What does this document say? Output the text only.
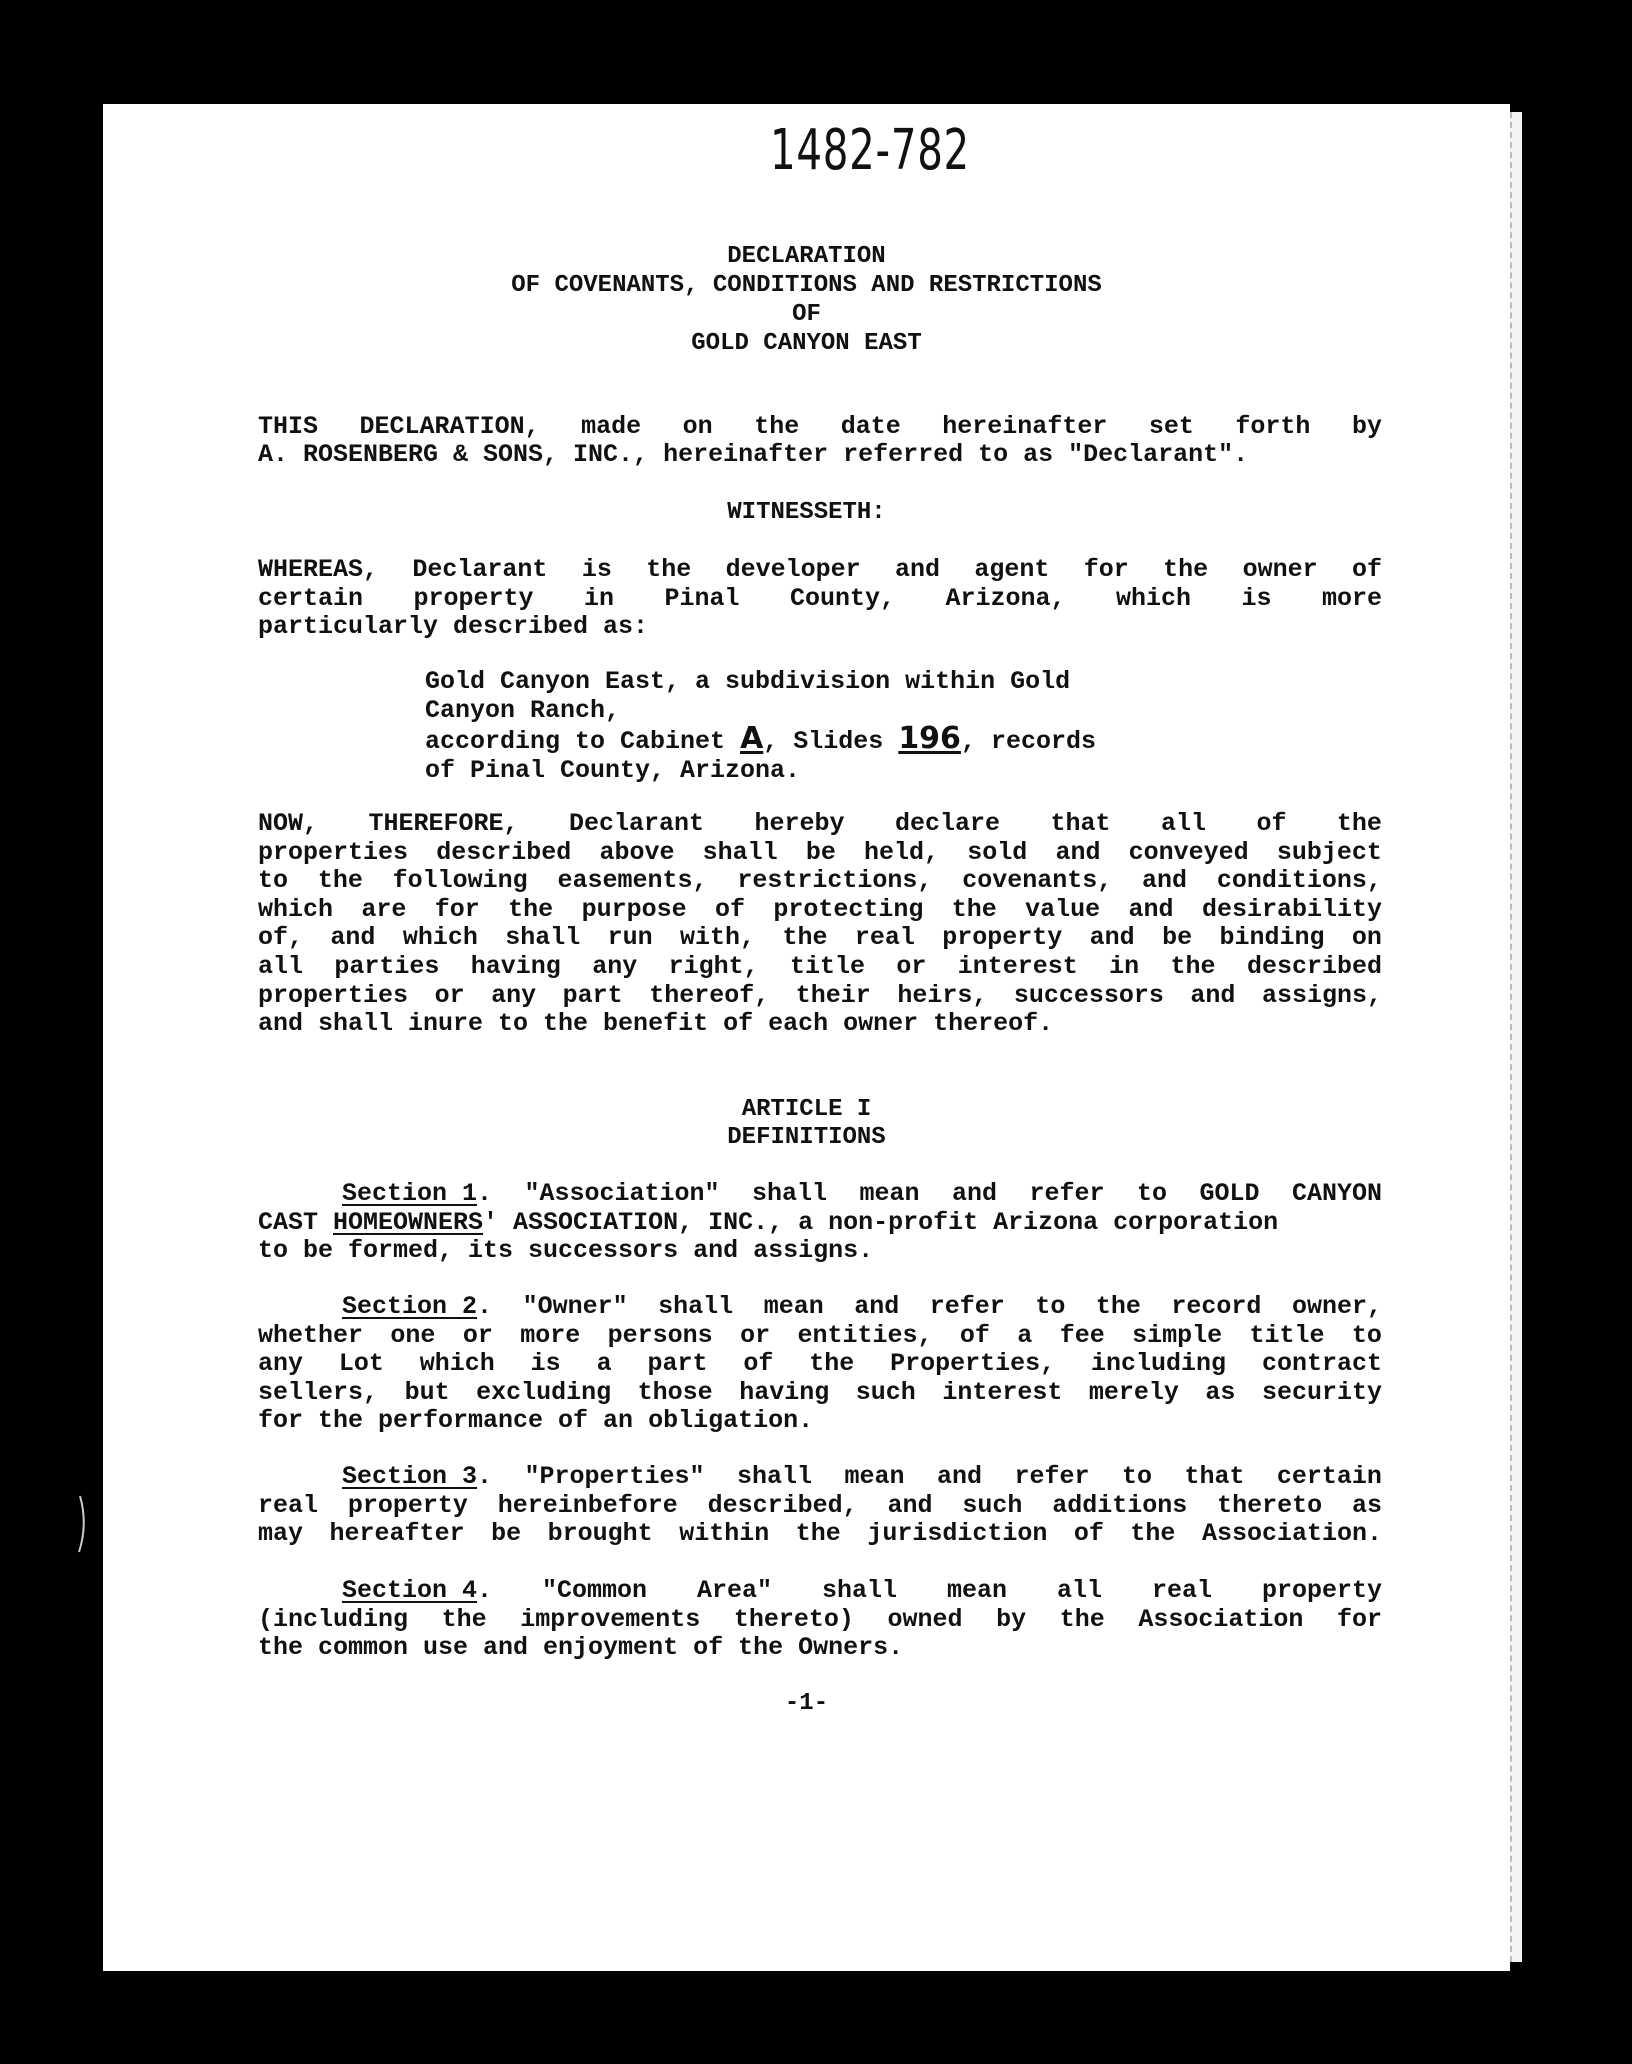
1482-782
DECLARATION
OF COVENANTS, CONDITIONS AND RESTRICTIONS
OF
GOLD CANYON EAST
THIS DECLARATION, made on the date hereinafter set forth by
A. ROSENBERG & SONS, INC., hereinafter referred to as "Declarant".
WITNESSETH:
WHEREAS, Declarant is the developer and agent for the owner of
certain property in Pinal County, Arizona, which is more
particularly described as:
Gold Canyon East, a subdivision within Gold
Canyon Ranch,
according to Cabinet A, Slides 196, records
of Pinal County, Arizona.
NOW, THEREFORE, Declarant hereby declare that all of the
properties described above shall be held, sold and conveyed subject
to the following easements, restrictions, covenants, and conditions,
which are for the purpose of protecting the value and desirability
of, and which shall run with, the real property and be binding on
all parties having any right, title or interest in the described
properties or any part thereof, their heirs, successors and assigns,
and shall inure to the benefit of each owner thereof.
ARTICLE I
DEFINITIONS
Section 1. "Association" shall mean and refer to GOLD CANYON
CAST HOMEOWNERS' ASSOCIATION, INC., a non-profit Arizona corporation
to be formed, its successors and assigns.
Section 2. "Owner" shall mean and refer to the record owner,
whether one or more persons or entities, of a fee simple title to
any Lot which is a part of the Properties, including contract
sellers, but excluding those having such interest merely as security
for the performance of an obligation.
Section 3. "Properties" shall mean and refer to that certain
real property hereinbefore described, and such additions thereto as
may hereafter be brought within the jurisdiction of the Association.
Section 4. "Common Area" shall mean all real property
(including the improvements thereto) owned by the Association for
the common use and enjoyment of the Owners.
-1-
